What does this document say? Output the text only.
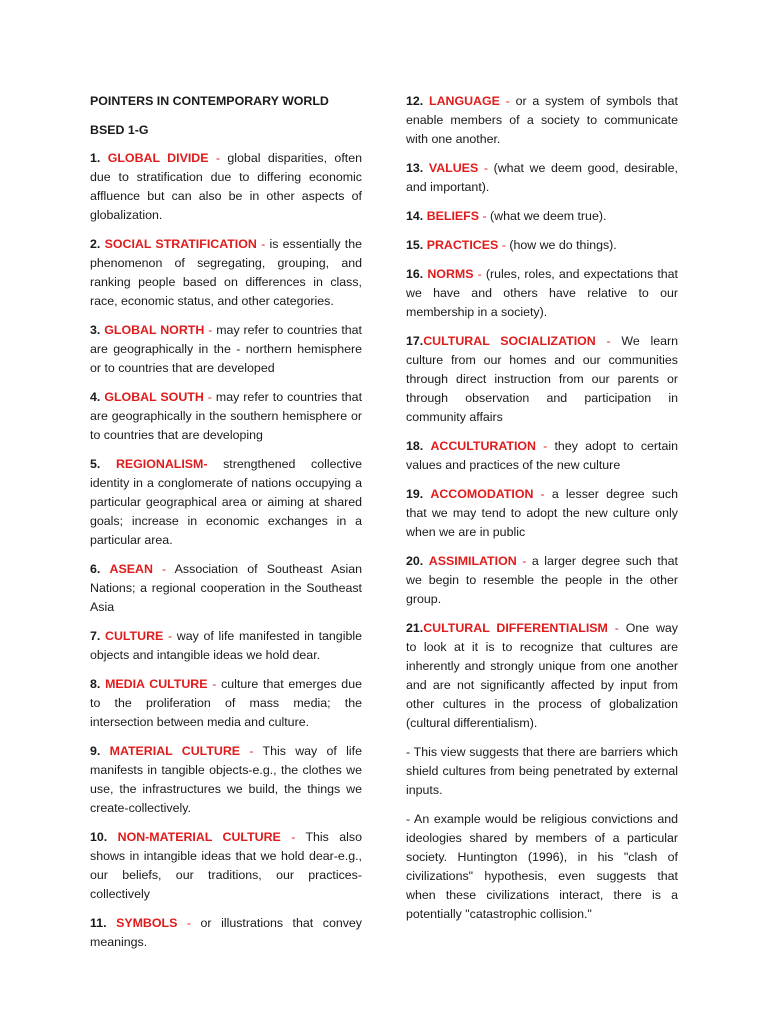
POINTERS IN CONTEMPORARY WORLD

BSED 1-G

1. GLOBAL DIVIDE - global disparities, often due to stratification due to differing economic affluence but can also be in other aspects of globalization.

2. SOCIAL STRATIFICATION - is essentially the phenomenon of segregating, grouping, and ranking people based on differences in class, race, economic status, and other categories.

3. GLOBAL NORTH - may refer to countries that are geographically in the - northern hemisphere or to countries that are developed

4. GLOBAL SOUTH - may refer to countries that are geographically in the southern hemisphere or to countries that are developing

5. REGIONALISM- strengthened collective identity in a conglomerate of nations occupying a particular geographical area or aiming at shared goals; increase in economic exchanges in a particular area.

6. ASEAN - Association of Southeast Asian Nations; a regional cooperation in the Southeast Asia

7. CULTURE - way of life manifested in tangible objects and intangible ideas we hold dear.

8. MEDIA CULTURE - culture that emerges due to the proliferation of mass media; the intersection between media and culture.

9. MATERIAL CULTURE - This way of life manifests in tangible objects-e.g., the clothes we use, the infrastructures we build, the things we create-collectively.

10. NON-MATERIAL CULTURE - This also shows in intangible ideas that we hold dear-e.g., our beliefs, our traditions, our practices-collectively

11. SYMBOLS - or illustrations that convey meanings.

12. LANGUAGE - or a system of symbols that enable members of a society to communicate with one another.

13. VALUES - (what we deem good, desirable, and important).

14. BELIEFS - (what we deem true).

15. PRACTICES - (how we do things).

16. NORMS - (rules, roles, and expectations that we have and others have relative to our membership in a society).

17.CULTURAL SOCIALIZATION - We learn culture from our homes and our communities through direct instruction from our parents or through observation and participation in community affairs

18. ACCULTURATION - they adopt to certain values and practices of the new culture

19. ACCOMODATION - a lesser degree such that we may tend to adopt the new culture only when we are in public

20. ASSIMILATION - a larger degree such that we begin to resemble the people in the other group.

21.CULTURAL DIFFERENTIALISM - One way to look at it is to recognize that cultures are inherently and strongly unique from one another and are not significantly affected by input from other cultures in the process of globalization (cultural differentialism).

- This view suggests that there are barriers which shield cultures from being penetrated by external inputs.

- An example would be religious convictions and ideologies shared by members of a particular society. Huntington (1996), in his "clash of civilizations" hypothesis, even suggests that when these civilizations interact, there is a potentially "catastrophic collision."
